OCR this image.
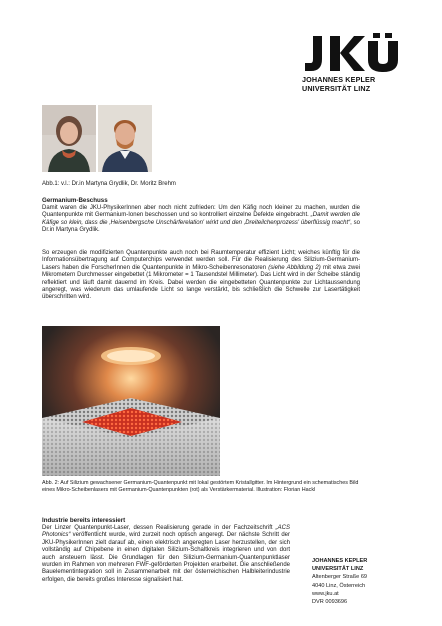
JOHANNES KEPLER
UNIVERSITÄT LINZ
Abb.1: v.l.: Dr.in Martyna Grydlik, Dr. Moritz Brehm
Germanium-Beschuss
Damit waren die JKU-PhysikerInnen aber noch nicht zufrieden: Um den Käfig noch kleiner zu machen, wurden die Quantenpunkte mit Germanium-Ionen beschossen und so kontrolliert einzelne Defekte eingebracht. „Damit werden die Käfige so klein, dass die ‚Heisenbergsche Unschärferelation' wirkt und den ‚Dreiteilchenprozess' überflüssig macht“, so Dr.in Martyna Grydlik.
So erzeugen die modifizierten Quantenpunkte auch noch bei Raumtemperatur effizient Licht; weiches künftig für die Informationsübertragung auf Computerchips verwendet werden soll. Für die Realisierung des Silizium-Germanium-Lasers haben die ForscherInnen die Quantenpunkte in Mikro-Scheibenresonatoren (siehe Abbildung 2) mit etwa zwei Mikrometern Durchmesser eingebettet (1 Mikrometer = 1 Tausendstel Millimeter). Das Licht wird in der Scheibe ständig reflektiert und läuft damit dauernd im Kreis. Dabei werden die eingebetteten Quantenpunkte zur Lichtaussendung angeregt, was wiederum das umlaufende Licht so lange verstärkt, bis schließlich die Schwelle zur Lasertätigkeit überschritten wird.
Abb. 2: Auf Silizium gewachsener Germanium-Quantenpunkt mit lokal gestörtem Kristallgitter. Im Hintergrund ein schematisches Bild eines Mikro-Scheibenlasers mit Germanium-Quantenpunkten (rot) als Verstärkermaterial. Illustration: Florian Hackl
Industrie bereits interessiert
Der Linzer Quantenpunkt-Laser, dessen Realisierung gerade in der Fachzeitschrift „ACS Photonics“ veröffentlicht wurde, wird zurzeit noch optisch angeregt. Der nächste Schritt der JKU-PhysikerInnen zielt darauf ab, einen elektrisch angeregten Laser herzustellen, der sich vollständig auf Chipebene in einen digitalen Silizium-Schaltkreis integrieren und von dort auch ansteuern lässt. Die Grundlagen für den Silizium-Germanium-Quantenpunktlaser wurden im Rahmen von mehreren FWF-geförderten Projekten erarbeitet. Die anschließende Bauelementintegration soll in Zusammenarbeit mit der österreichischen Halbleiterindustrie erfolgen, die bereits großes Interesse signalisiert hat.
JOHANNES KEPLER
UNIVERSITÄT LINZ
Altenberger Straße 69
4040 Linz, Österreich
www.jku.at
DVR 0093696
